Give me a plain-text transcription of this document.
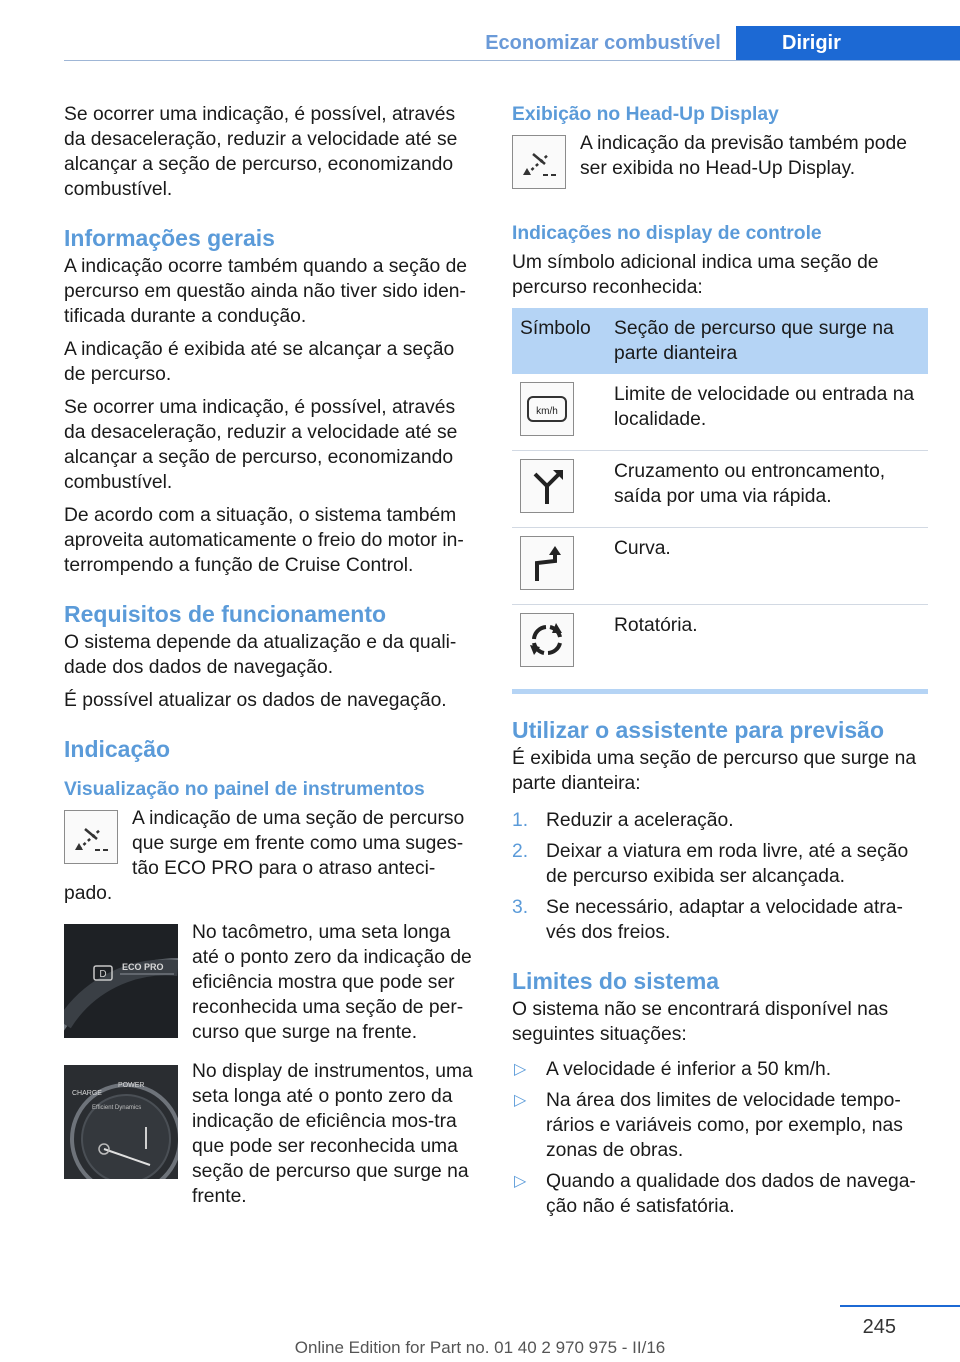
Economizar combustível	Dirigir

Se ocorrer uma indicação, é possível, através da desaceleração, reduzir a velocidade até se alcançar a seção de percurso, economizando combustível.

Informações gerais

A indicação ocorre também quando a seção de percurso em questão ainda não tiver sido iden-tificada durante a condução.

A indicação é exibida até se alcançar a seção de percurso.

Se ocorrer uma indicação, é possível, através da desaceleração, reduzir a velocidade até se alcançar a seção de percurso, economizando combustível.

De acordo com a situação, o sistema também aproveita automaticamente o freio do motor in-terrompendo a função de Cruise Control.

Requisitos de funcionamento

O sistema depende da atualização e da quali-dade dos dados de navegação.

É possível atualizar os dados de navegação.

Indicação
Visualização no painel de instrumentos

A indicação de uma seção de percurso que surge em frente como uma suges-tão ECO PRO para o atraso anteci-pado.

D
ECO PRO

No tacômetro, uma seta longa até o ponto zero da indicação de eficiência mostra que pode ser reconhecida uma seção de per-curso que surge na frente.

CHARGE
POWER
Efficient Dynamics

No display de instrumentos, uma seta longa até o ponto zero da indicação de eficiência mos-tra que pode ser reconhecida uma seção de percurso que surge na frente.

Exibição no Head-Up Display

A indicação da previsão também pode ser exibida no Head-Up Display.

Indicações no display de controle

Um símbolo adicional indica uma seção de percurso reconhecida:

Símbolo	Seção de percurso que surge na parte dianteira

km/h	Limite de velocidade ou entrada na localidade.

	Cruzamento ou entroncamento, saída por uma via rápida.

	Curva.

	Rotatória.
Utilizar o assistente para previsão

É exibida uma seção de percurso que surge na parte dianteira:

1. Reduzir a aceleração.
2. Deixar a viatura em roda livre, até a seção de percurso exibida ser alcançada.
3. Se necessário, adaptar a velocidade atra-vés dos freios.
Limites do sistema

O sistema não se encontrará disponível nas seguintes situações:

▷ A velocidade é inferior a 50 km/h.
▷ Na área dos limites de velocidade tempo-rários e variáveis como, por exemplo, nas zonas de obras.
▷ Quando a qualidade dos dados de navega-ção não é satisfatória.
245
Online Edition for Part no. 01 40 2 970 975 - II/16
